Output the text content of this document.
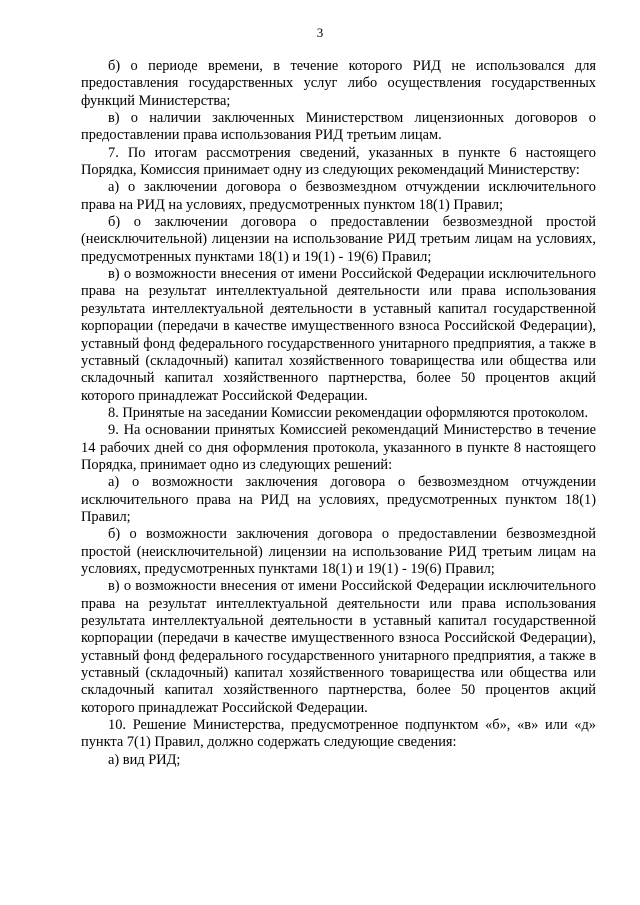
3

б) о периоде времени, в течение которого РИД не использовался для предоставления государственных услуг либо осуществления государственных функций Министерства;

в) о наличии заключенных Министерством лицензионных договоров о предоставлении права использования РИД третьим лицам.

7. По итогам рассмотрения сведений, указанных в пункте 6 настоящего Порядка, Комиссия принимает одну из следующих рекомендаций Министерству:

а) о заключении договора о безвозмездном отчуждении исключительного права на РИД на условиях, предусмотренных пунктом 18(1) Правил;

б) о заключении договора о предоставлении безвозмездной простой (неисключительной) лицензии на использование РИД третьим лицам на условиях, предусмотренных пунктами 18(1) и 19(1) - 19(6) Правил;

в) о возможности внесения от имени Российской Федерации исключительного права на результат интеллектуальной деятельности или права использования результата интеллектуальной деятельности в уставный капитал государственной корпорации (передачи в качестве имущественного взноса Российской Федерации), уставный фонд федерального государственного унитарного предприятия, а также в уставный (складочный) капитал хозяйственного товарищества или общества или складочный капитал хозяйственного партнерства, более 50 процентов акций которого принадлежат Российской Федерации.

8. Принятые на заседании Комиссии рекомендации оформляются протоколом.

9. На основании принятых Комиссией рекомендаций Министерство в течение 14 рабочих дней со дня оформления протокола, указанного в пункте 8 настоящего Порядка, принимает одно из следующих решений:

а) о возможности заключения договора о безвозмездном отчуждении исключительного права на РИД на условиях, предусмотренных пунктом 18(1) Правил;

б) о возможности заключения договора о предоставлении безвозмездной простой (неисключительной) лицензии на использование РИД третьим лицам на условиях, предусмотренных пунктами 18(1) и 19(1) - 19(6) Правил;

в) о возможности внесения от имени Российской Федерации исключительного права на результат интеллектуальной деятельности или права использования результата интеллектуальной деятельности в уставный капитал государственной корпорации (передачи в качестве имущественного взноса Российской Федерации), уставный фонд федерального государственного унитарного предприятия, а также в уставный (складочный) капитал хозяйственного товарищества или общества или складочный капитал хозяйственного партнерства, более 50 процентов акций которого принадлежат Российской Федерации.

10. Решение Министерства, предусмотренное подпунктом «б», «в» или «д» пункта 7(1) Правил, должно содержать следующие сведения:

а) вид РИД;
